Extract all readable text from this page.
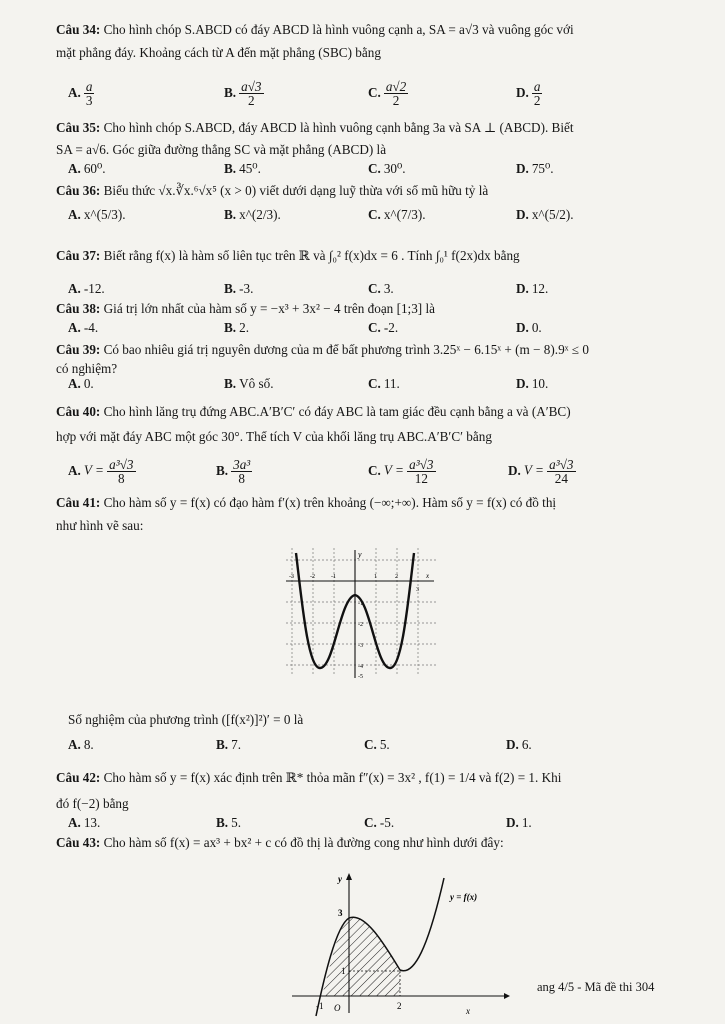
Câu 34: Cho hình chóp S.ABCD có đáy ABCD là hình vuông cạnh a, SA = a√3 và vuông góc với
mặt phẳng đáy. Khoảng cách từ A đến mặt phẳng (SBC) bằng
A. $\frac{a}{3}$	B. $\frac{a√3}{2}$	C. $\frac{a√2}{2}$	D. $\frac{a}{2}$
Câu 35: Cho hình chóp S.ABCD, đáy ABCD là hình vuông cạnh bằng 3a và SA ⊥ (ABCD). Biết
SA = a√6. Góc giữa đường thẳng SC và mặt phẳng (ABCD) là
A. 60⁰.	B. 45⁰.	C. 30⁰.	D. 75⁰.
Câu 36: Biểu thức √x.∛x.⁶√x⁵ (x > 0) viết dưới dạng luỹ thừa với số mũ hữu tỷ là
A. x^(5/3).	B. x^(2/3).	C. x^(7/3).	D. x^(5/2).
Câu 37: Biết rằng f(x) là hàm số liên tục trên ℝ và ∫₀² f(x)dx = 6 . Tính ∫₀¹ f(2x)dx bằng
A. -12.	B. -3.	C. 3.	D. 12.
Câu 38: Giá trị lớn nhất của hàm số y = −x³ + 3x² − 4 trên đoạn [1;3] là
A. -4.	B. 2.	C. -2.	D. 0.
Câu 39: Có bao nhiêu giá trị nguyên dương của m để bất phương trình 3.25ˣ − 6.15ˣ + (m − 8).9ˣ ≤ 0
có nghiệm?
A. 0.	B. Vô số.	C. 11.	D. 10.
Câu 40: Cho hình lăng trụ đứng ABC.A′B′C′ có đáy ABC là tam giác đều cạnh bằng a và (A′BC)
hợp với mặt đáy ABC một góc 30°. Thể tích V của khối lăng trụ ABC.A′B′C′ bằng
A. $V = \frac{\text{a³√3}}{8}$	B. $\frac{\text{3a³}}{8}$	C. $V = \frac{\text{a³√3}}{12}$	D. $V = \frac{\text{a³√3}}{24}$
Câu 41: Cho hàm số y = f(x) có đạo hàm f′(x) trên khoảng (−∞;+∞). Hàm số y = f(x) có đồ thị
như hình vẽ sau:
y
x
-3	-2	-1	1	2
3
-1
-2
-3
-4
-5
Số nghiệm của phương trình ([f(x²)]²)′ = 0 là
A. 8.	B. 7.	C. 5.	D. 6.
Câu 42: Cho hàm số y = f(x) xác định trên ℝ* thỏa mãn f″(x) = 3x² , f(1) = 1/4 và f(2) = 1. Khi
đó f(−2) bằng
A. 13.	B. 5.	C. -5.	D. 1.
Câu 43: Cho hàm số f(x) = ax³ + bx² + c có đồ thị là đường cong như hình dưới đây:
y
x
3
1
-1 O	2
y = f(x)
ang 4/5 - Mã đề thi 304
